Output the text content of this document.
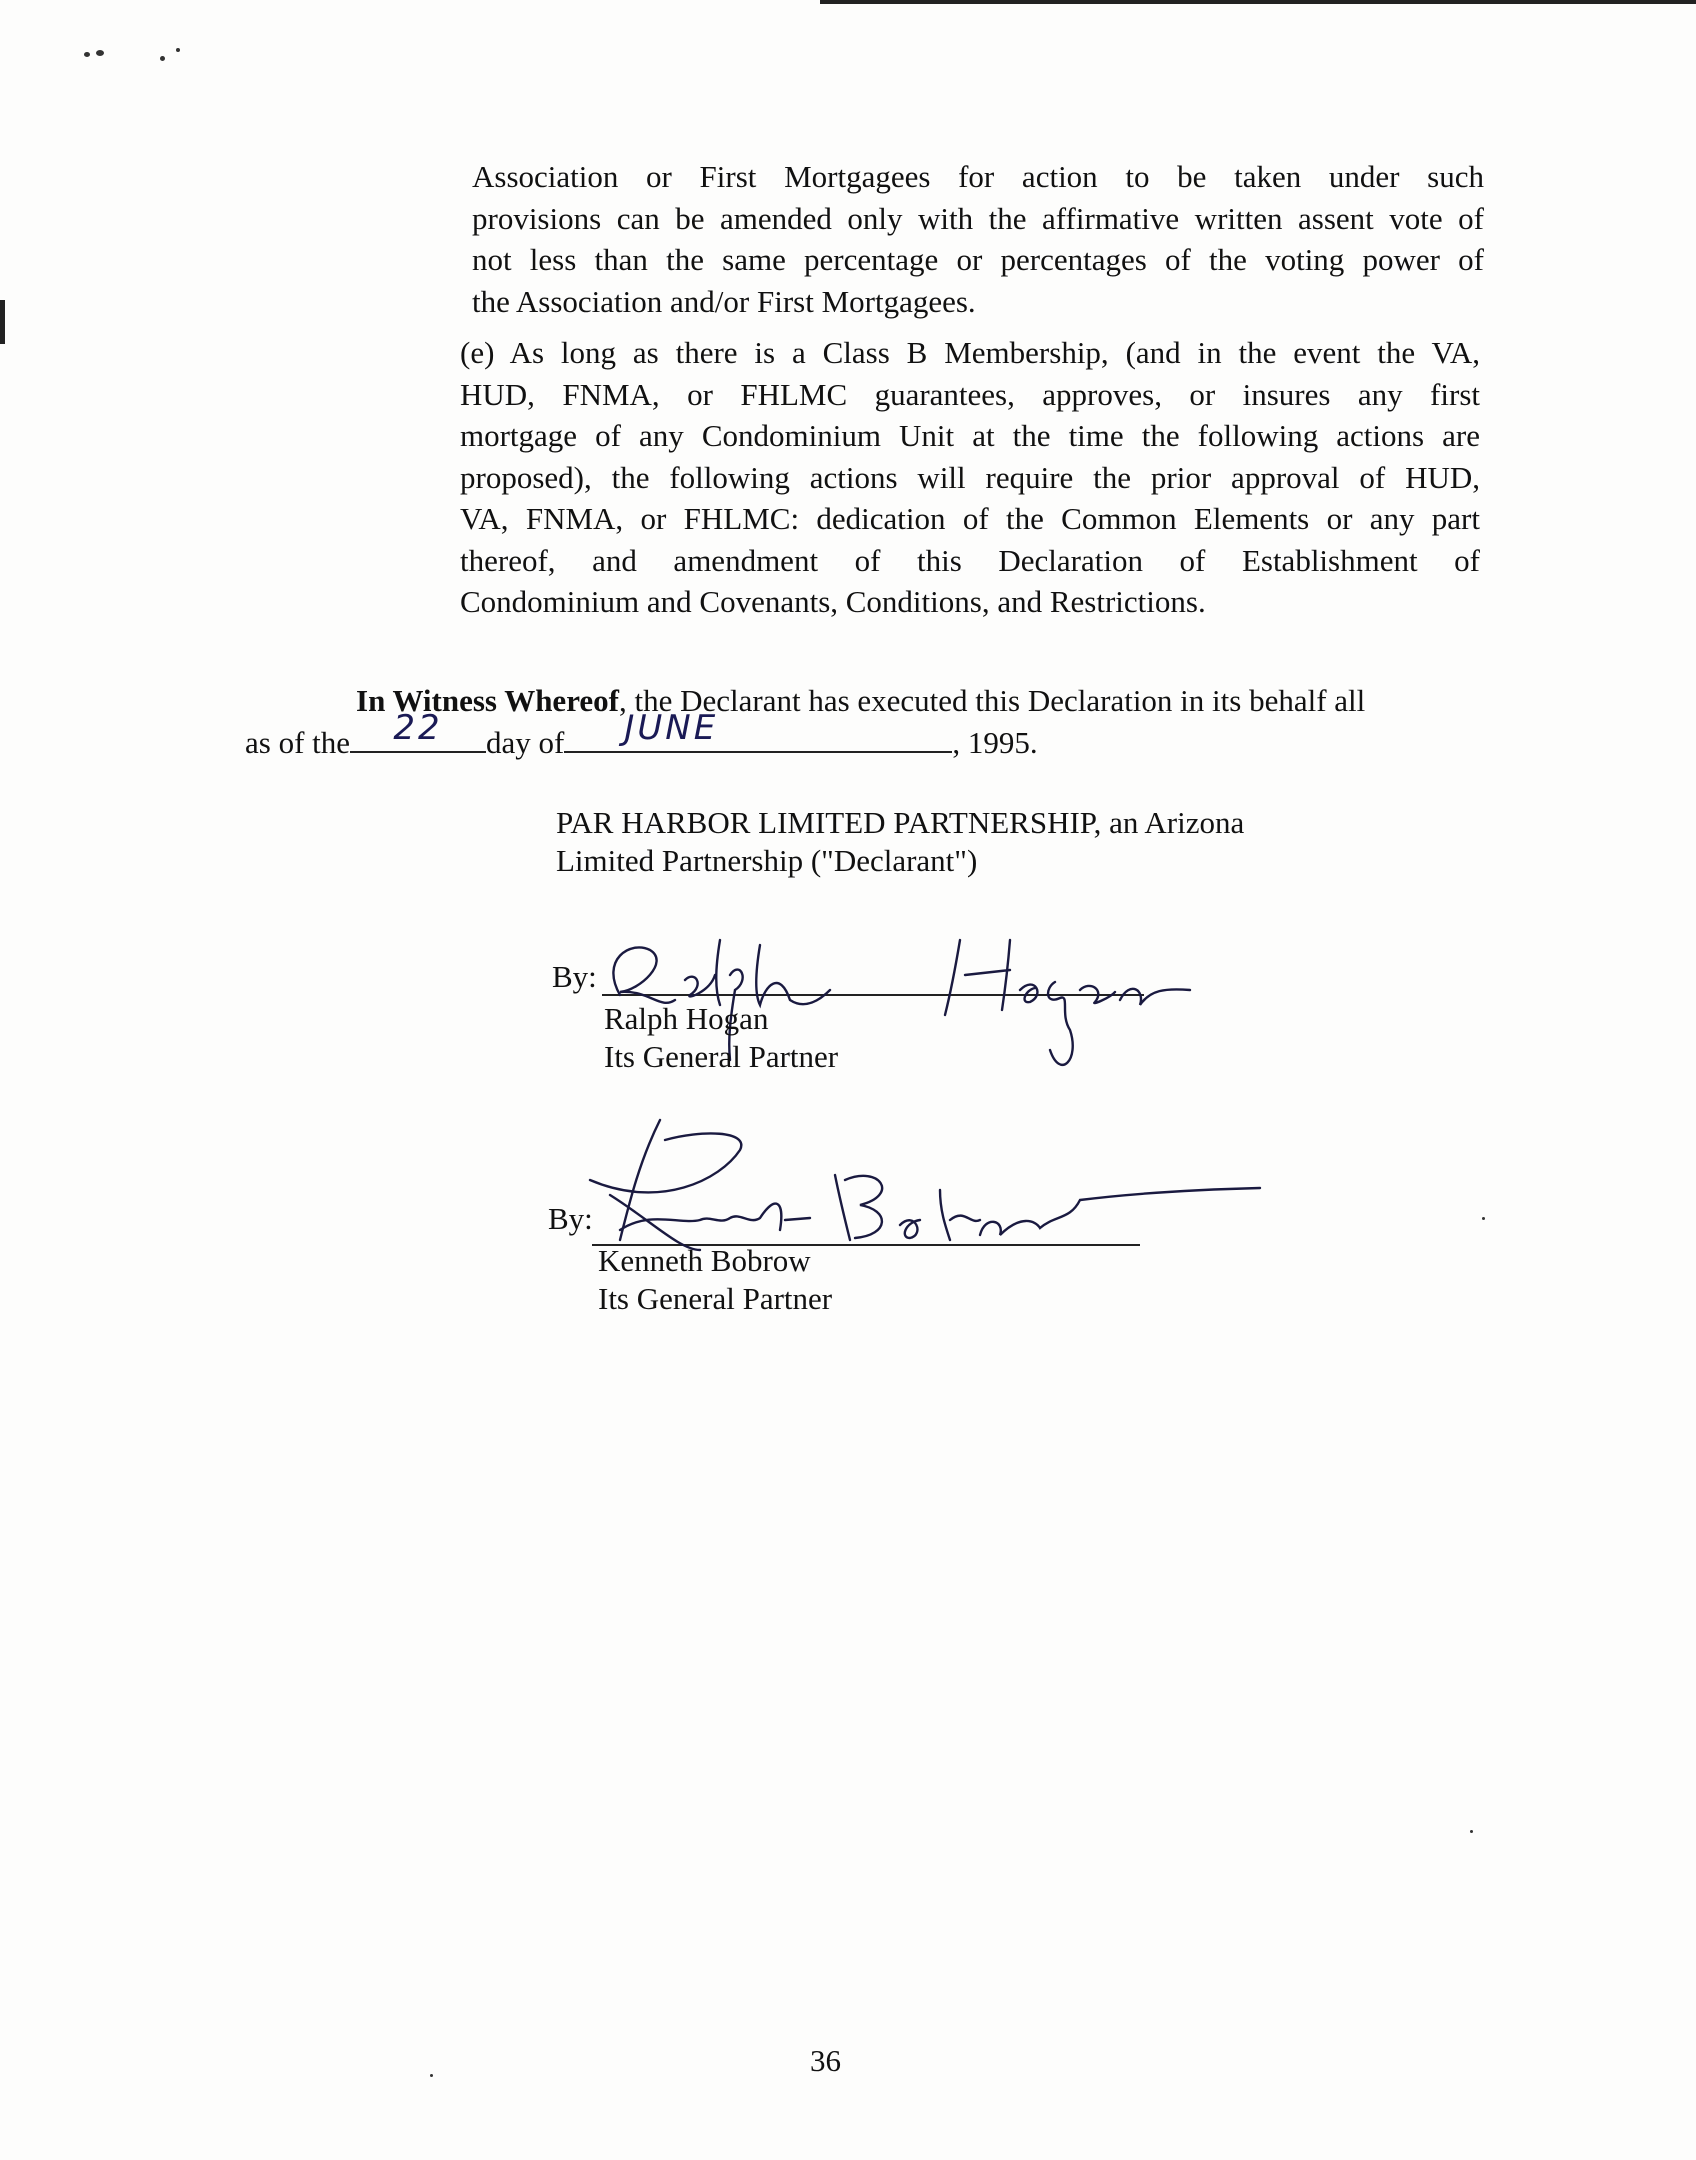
Association or First Mortgagees for action to be taken under such
provisions can be amended only with the affirmative written assent vote of
not less than the same percentage or percentages of the voting power of
the Association and/or First Mortgagees.
(e) As long as there is a Class B Membership, (and in the event the VA,
HUD, FNMA, or FHLMC guarantees, approves, or insures any first
mortgage of any Condominium Unit at the time the following actions are
proposed), the following actions will require the prior approval of HUD,
VA, FNMA, or FHLMC: dedication of the Common Elements or any part
thereof, and amendment of this Declaration of Establishment of
Condominium and Covenants, Conditions, and Restrictions.
In Witness Whereof, the Declarant has executed this Declaration in its behalf all
as of the	22	day of	JUNE	, 1995.
PAR HARBOR LIMITED PARTNERSHIP, an Arizona
Limited Partnership ("Declarant")
By:
Ralph Hogan
Its General Partner
By:
Kenneth Bobrow
Its General Partner
36
